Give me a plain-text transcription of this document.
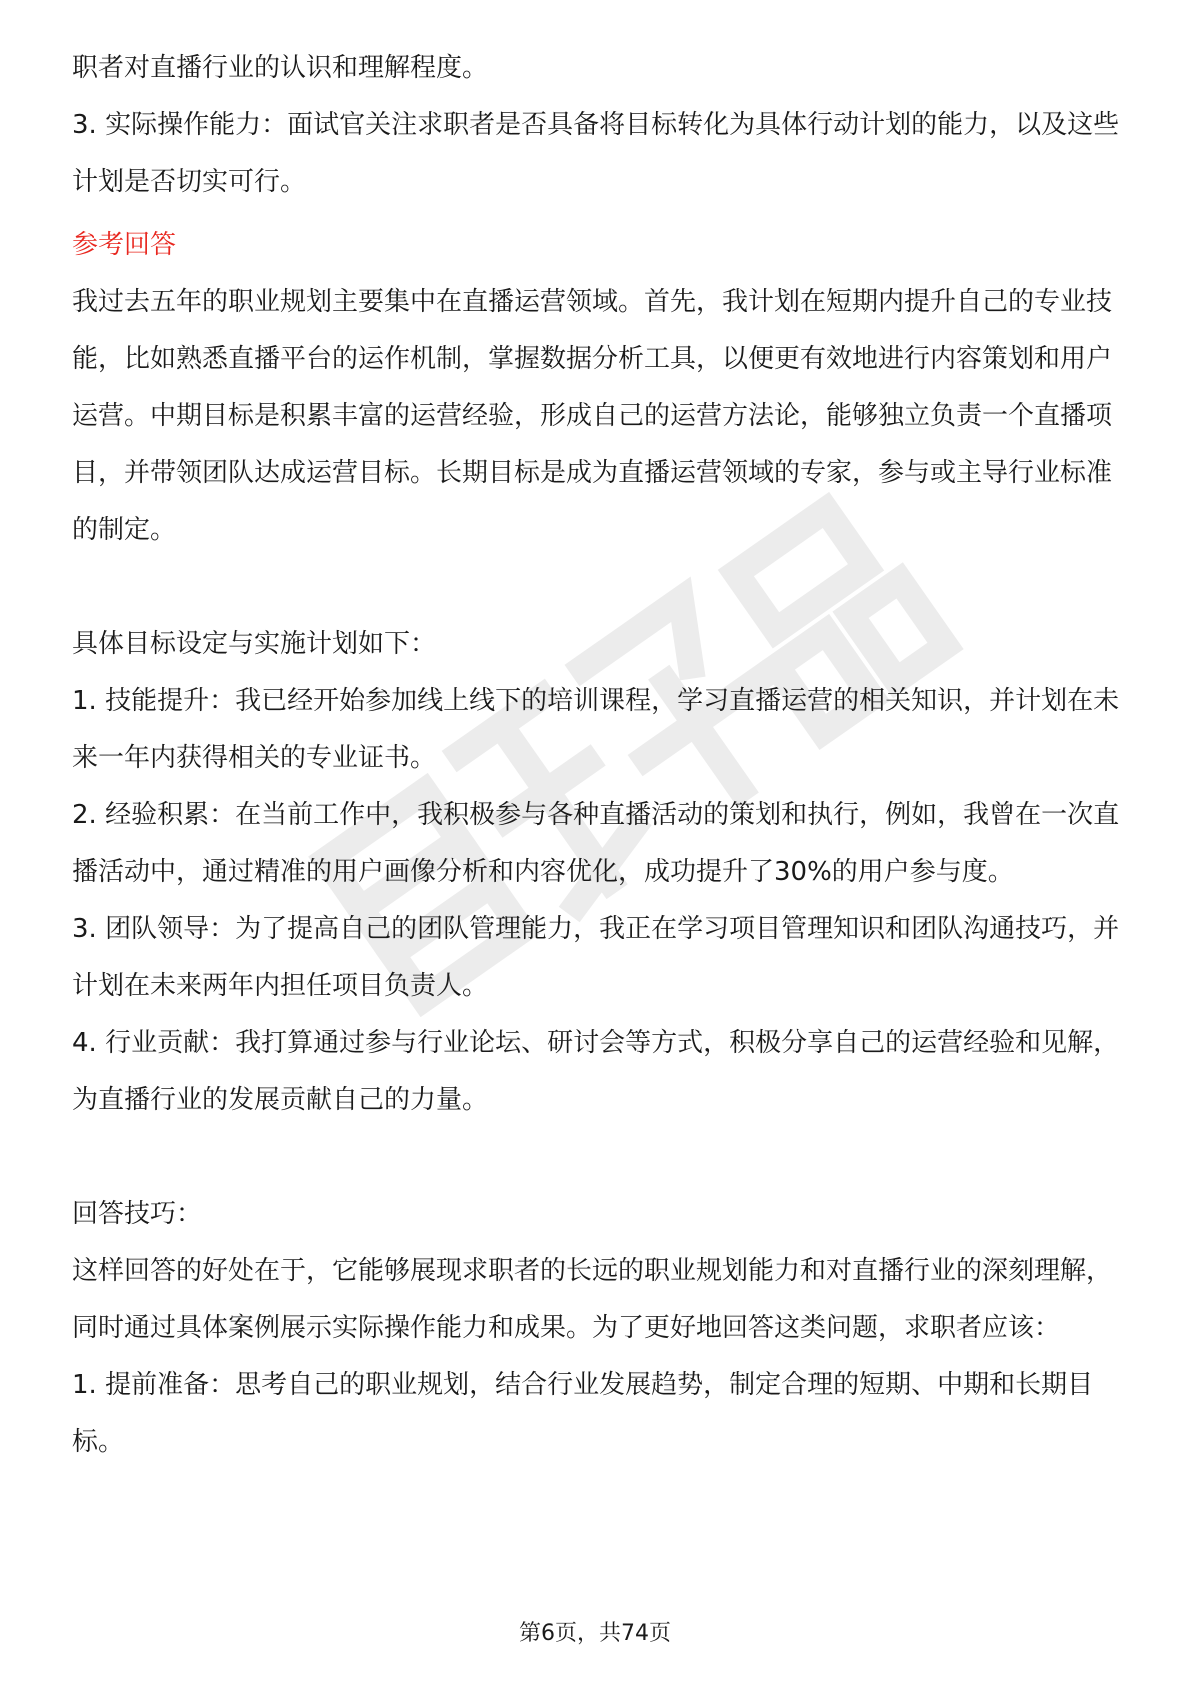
职者对直播行业的认识和理解程度。

3. 实际操作能力：面试官关注求职者是否具备将目标转化为具体行动计划的能力，以及这些计划是否切实可行。

参考回答

我过去五年的职业规划主要集中在直播运营领域。首先，我计划在短期内提升自己的专业技能，比如熟悉直播平台的运作机制，掌握数据分析工具，以便更有效地进行内容策划和用户运营。中期目标是积累丰富的运营经验，形成自己的运营方法论，能够独立负责一个直播项目，并带领团队达成运营目标。长期目标是成为直播运营领域的专家，参与或主导行业标准的制定。

具体目标设定与实施计划如下：

1. 技能提升：我已经开始参加线上线下的培训课程，学习直播运营的相关知识，并计划在未来一年内获得相关的专业证书。

2. 经验积累：在当前工作中，我积极参与各种直播活动的策划和执行，例如，我曾在一次直播活动中，通过精准的用户画像分析和内容优化，成功提升了30%的用户参与度。

3. 团队领导：为了提高自己的团队管理能力，我正在学习项目管理知识和团队沟通技巧，并计划在未来两年内担任项目负责人。

4. 行业贡献：我打算通过参与行业论坛、研讨会等方式，积极分享自己的运营经验和见解，为直播行业的发展贡献自己的力量。

回答技巧：

这样回答的好处在于，它能够展现求职者的长远的职业规划能力和对直播行业的深刻理解，同时通过具体案例展示实际操作能力和成果。为了更好地回答这类问题，求职者应该：

1. 提前准备：思考自己的职业规划，结合行业发展趋势，制定合理的短期、中期和长期目标。

第6页，共74页
